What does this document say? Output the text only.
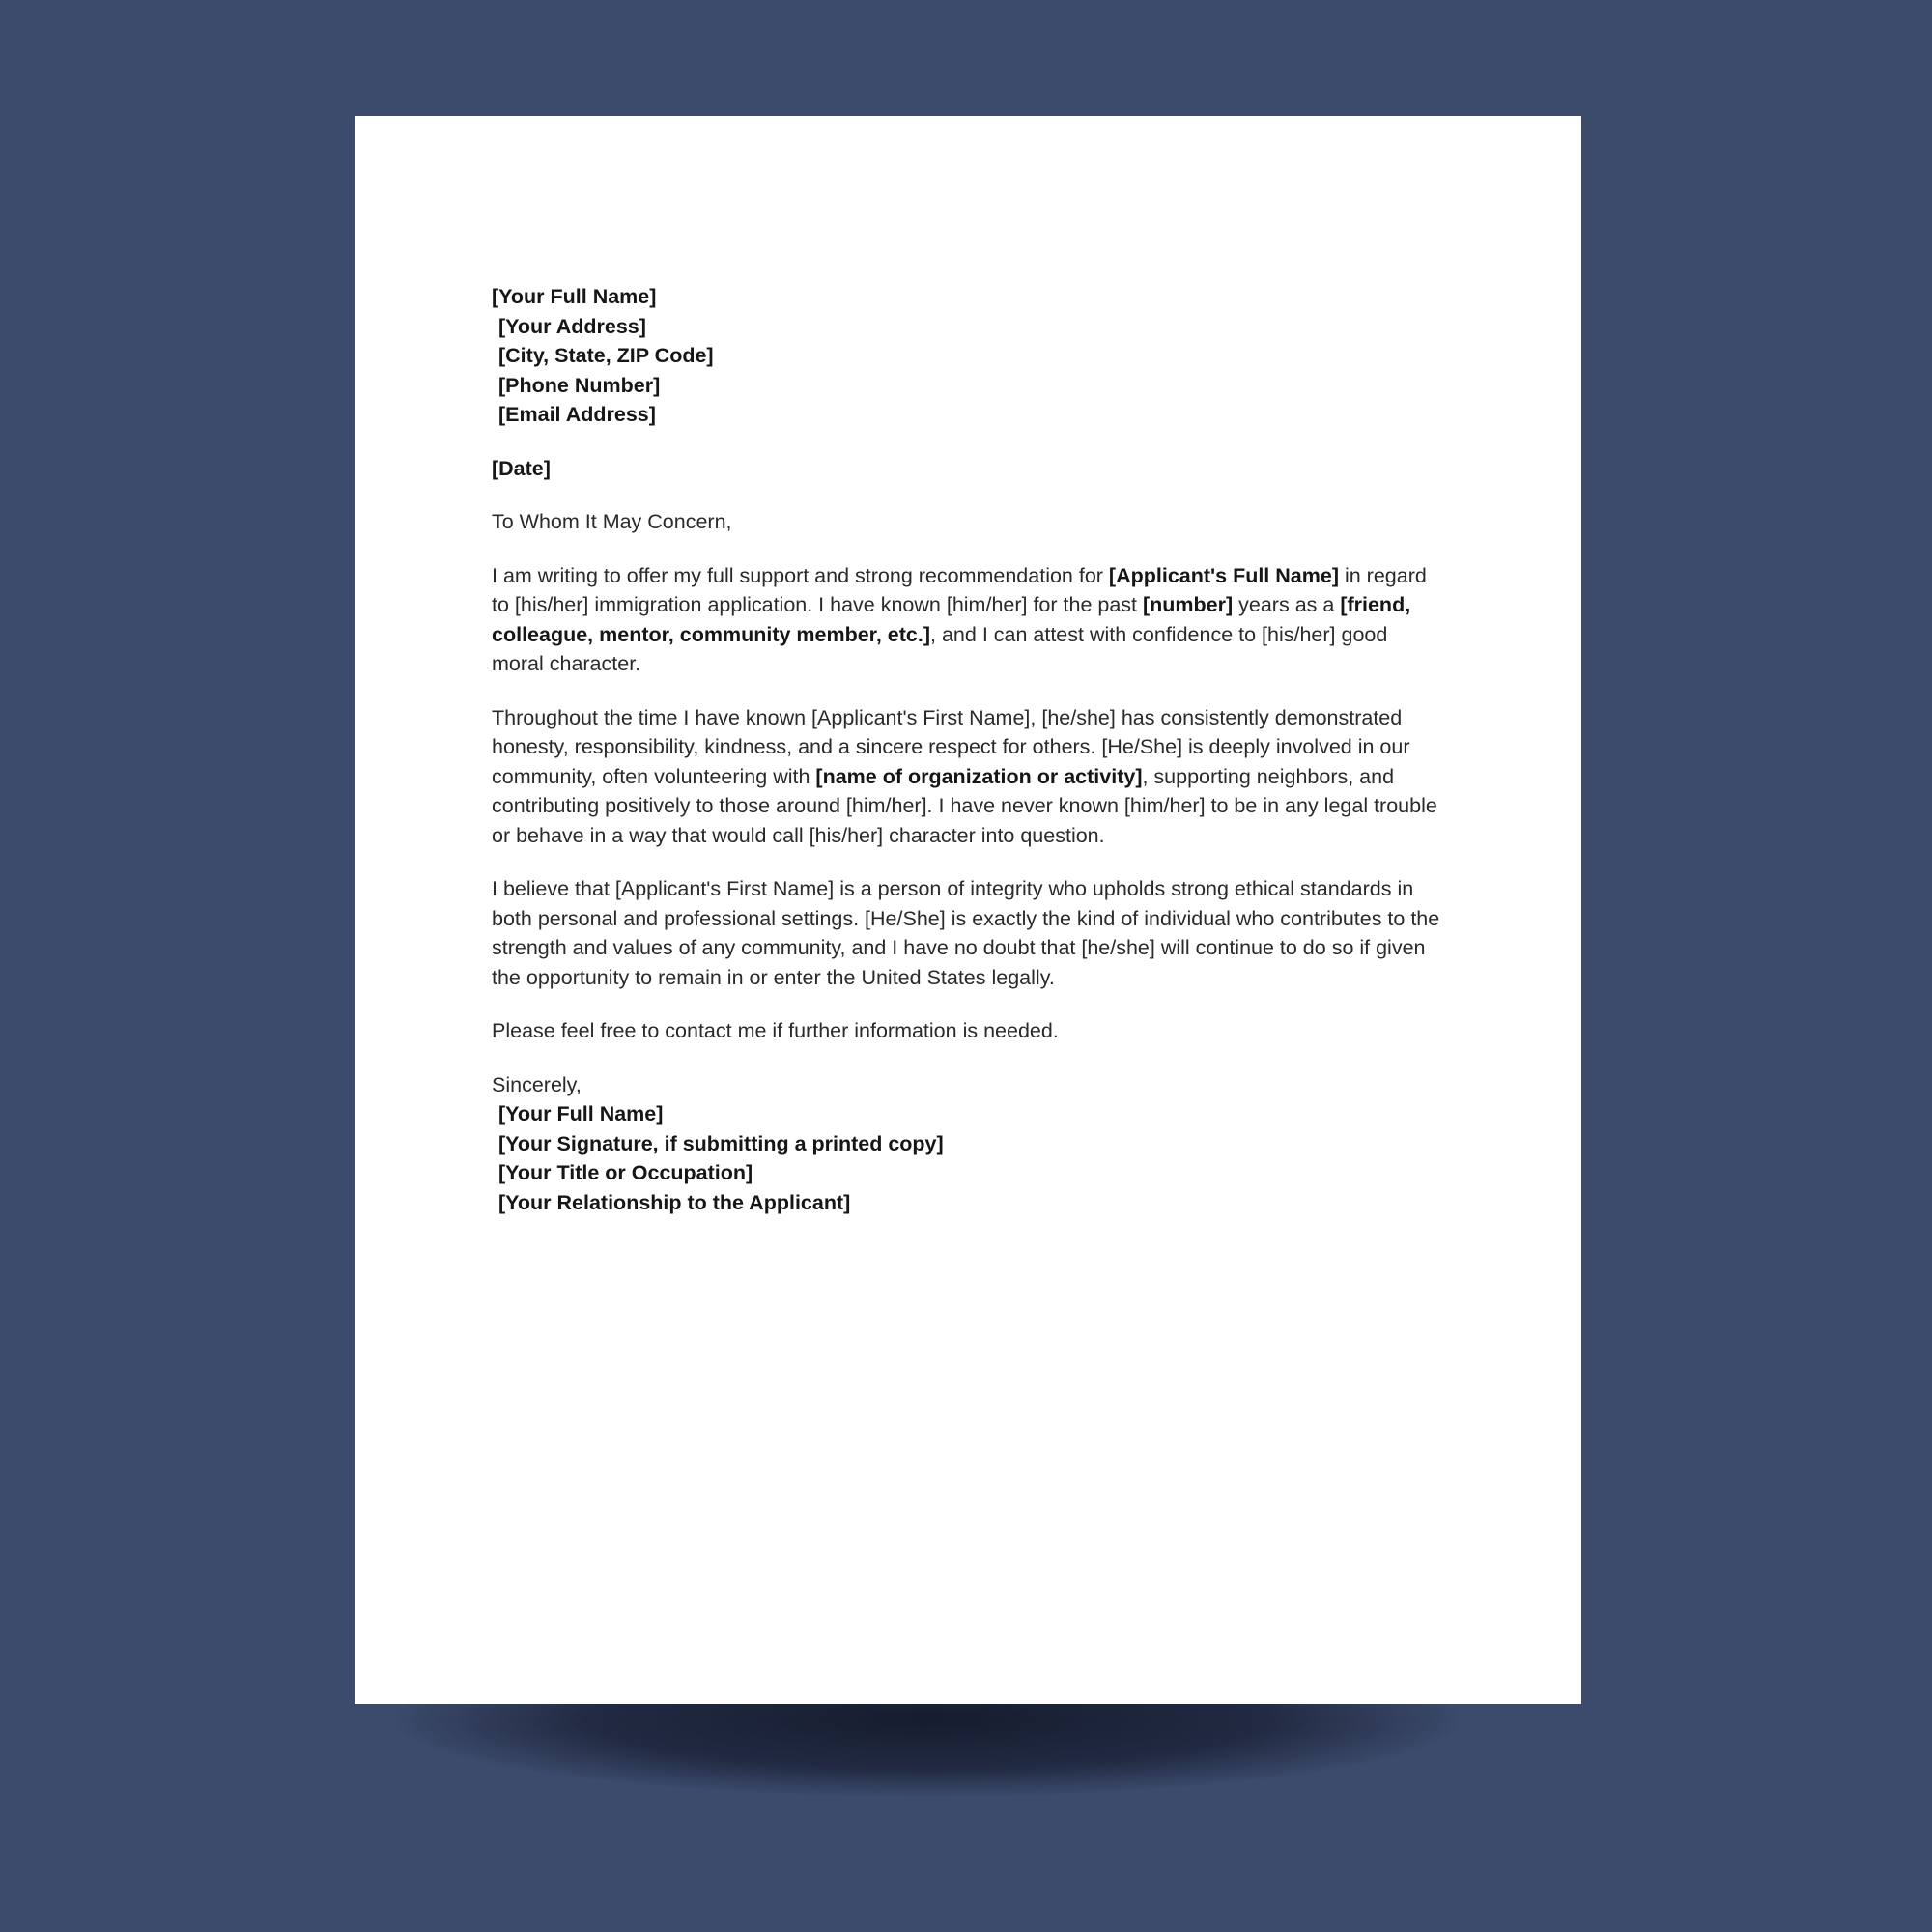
[Your Full Name]
[Your Address]
[City, State, ZIP Code]
[Phone Number]
[Email Address]
[Date]
To Whom It May Concern,

I am writing to offer my full support and strong recommendation for [Applicant's Full Name] in regard to [his/her] immigration application. I have known [him/her] for the past [number] years as a [friend, colleague, mentor, community member, etc.], and I can attest with confidence to [his/her] good moral character.

Throughout the time I have known [Applicant's First Name], [he/she] has consistently demonstrated honesty, responsibility, kindness, and a sincere respect for others. [He/She] is deeply involved in our community, often volunteering with [name of organization or activity], supporting neighbors, and contributing positively to those around [him/her]. I have never known [him/her] to be in any legal trouble or behave in a way that would call [his/her] character into question.

I believe that [Applicant's First Name] is a person of integrity who upholds strong ethical standards in both personal and professional settings. [He/She] is exactly the kind of individual who contributes to the strength and values of any community, and I have no doubt that [he/she] will continue to do so if given the opportunity to remain in or enter the United States legally.

Please feel free to contact me if further information is needed.

Sincerely,
[Your Full Name]
[Your Signature, if submitting a printed copy]
[Your Title or Occupation]
[Your Relationship to the Applicant]
